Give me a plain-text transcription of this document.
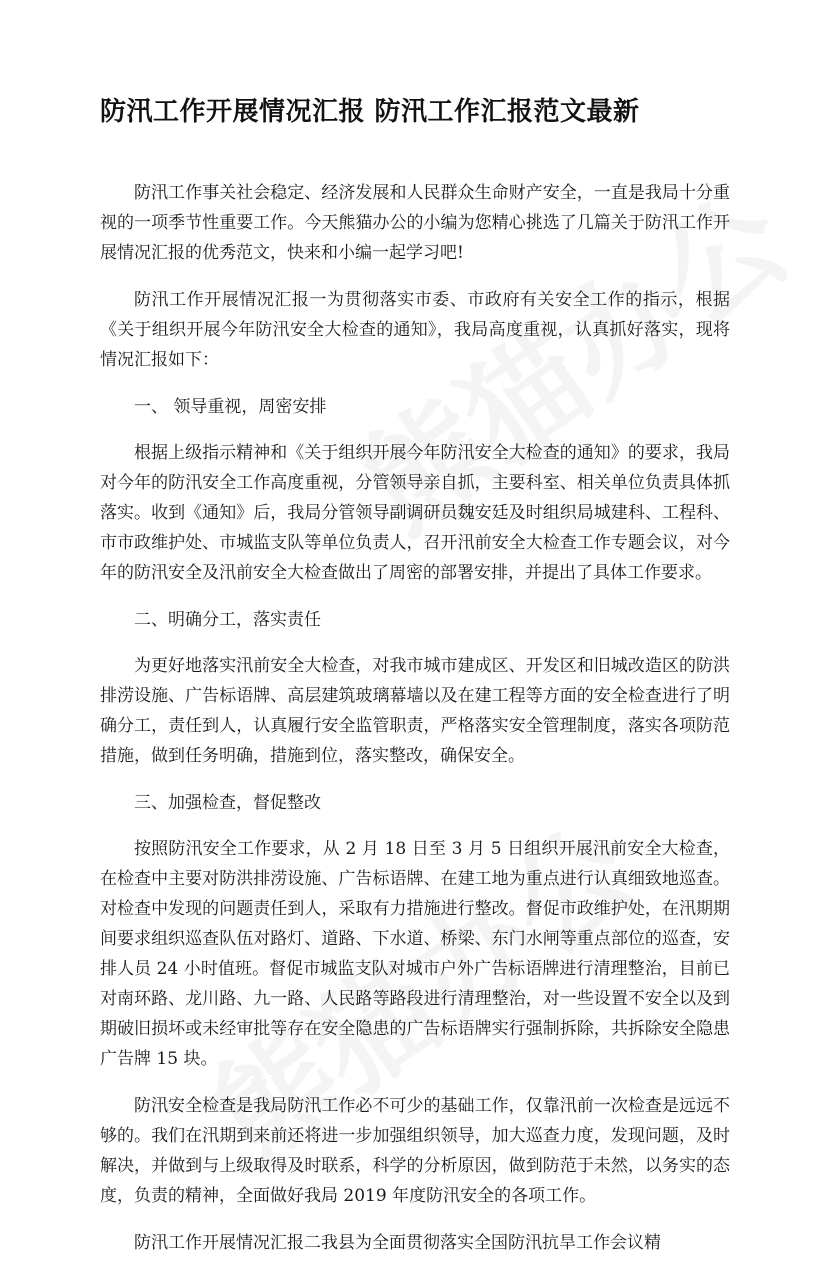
防汛工作开展情况汇报 防汛工作汇报范文最新

防汛工作事关社会稳定、经济发展和人民群众生命财产安全，一直是我局十分重视的一项季节性重要工作。今天熊猫办公的小编为您精心挑选了几篇关于防汛工作开展情况汇报的优秀范文，快来和小编一起学习吧!

防汛工作开展情况汇报一为贯彻落实市委、市政府有关安全工作的指示，根据《关于组织开展今年防汛安全大检查的通知》，我局高度重视，认真抓好落实，现将情况汇报如下：

一、 领导重视，周密安排

根据上级指示精神和《关于组织开展今年防汛安全大检查的通知》的要求，我局对今年的防汛安全工作高度重视，分管领导亲自抓，主要科室、相关单位负责具体抓落实。收到《通知》后，我局分管领导副调研员魏安廷及时组织局城建科、工程科、市市政维护处、市城监支队等单位负责人，召开汛前安全大检查工作专题会议，对今年的防汛安全及汛前安全大检查做出了周密的部署安排，并提出了具体工作要求。

二、明确分工，落实责任

为更好地落实汛前安全大检查，对我市城市建成区、开发区和旧城改造区的防洪排涝设施、广告标语牌、高层建筑玻璃幕墙以及在建工程等方面的安全检查进行了明确分工，责任到人，认真履行安全监管职责，严格落实安全管理制度，落实各项防范措施，做到任务明确，措施到位，落实整改，确保安全。

三、加强检查，督促整改

按照防汛安全工作要求，从 2 月 18 日至 3 月 5 日组织开展汛前安全大检查，在检查中主要对防洪排涝设施、广告标语牌、在建工地为重点进行认真细致地巡查。对检查中发现的问题责任到人，采取有力措施进行整改。督促市政维护处，在汛期期间要求组织巡查队伍对路灯、道路、下水道、桥梁、东门水闸等重点部位的巡查，安排人员 24 小时值班。督促市城监支队对城市户外广告标语牌进行清理整治，目前已对南环路、龙川路、九一路、人民路等路段进行清理整治，对一些设置不安全以及到期破旧损坏或未经审批等存在安全隐患的广告标语牌实行强制拆除，共拆除安全隐患广告牌 15 块。

防汛安全检查是我局防汛工作必不可少的基础工作，仅靠汛前一次检查是远远不够的。我们在汛期到来前还将进一步加强组织领导，加大巡查力度，发现问题，及时解决，并做到与上级取得及时联系，科学的分析原因，做到防范于未然，以务实的态度，负责的精神，全面做好我局 2019 年度防汛安全的各项工作。

防汛工作开展情况汇报二我县为全面贯彻落实全国防汛抗旱工作会议精
